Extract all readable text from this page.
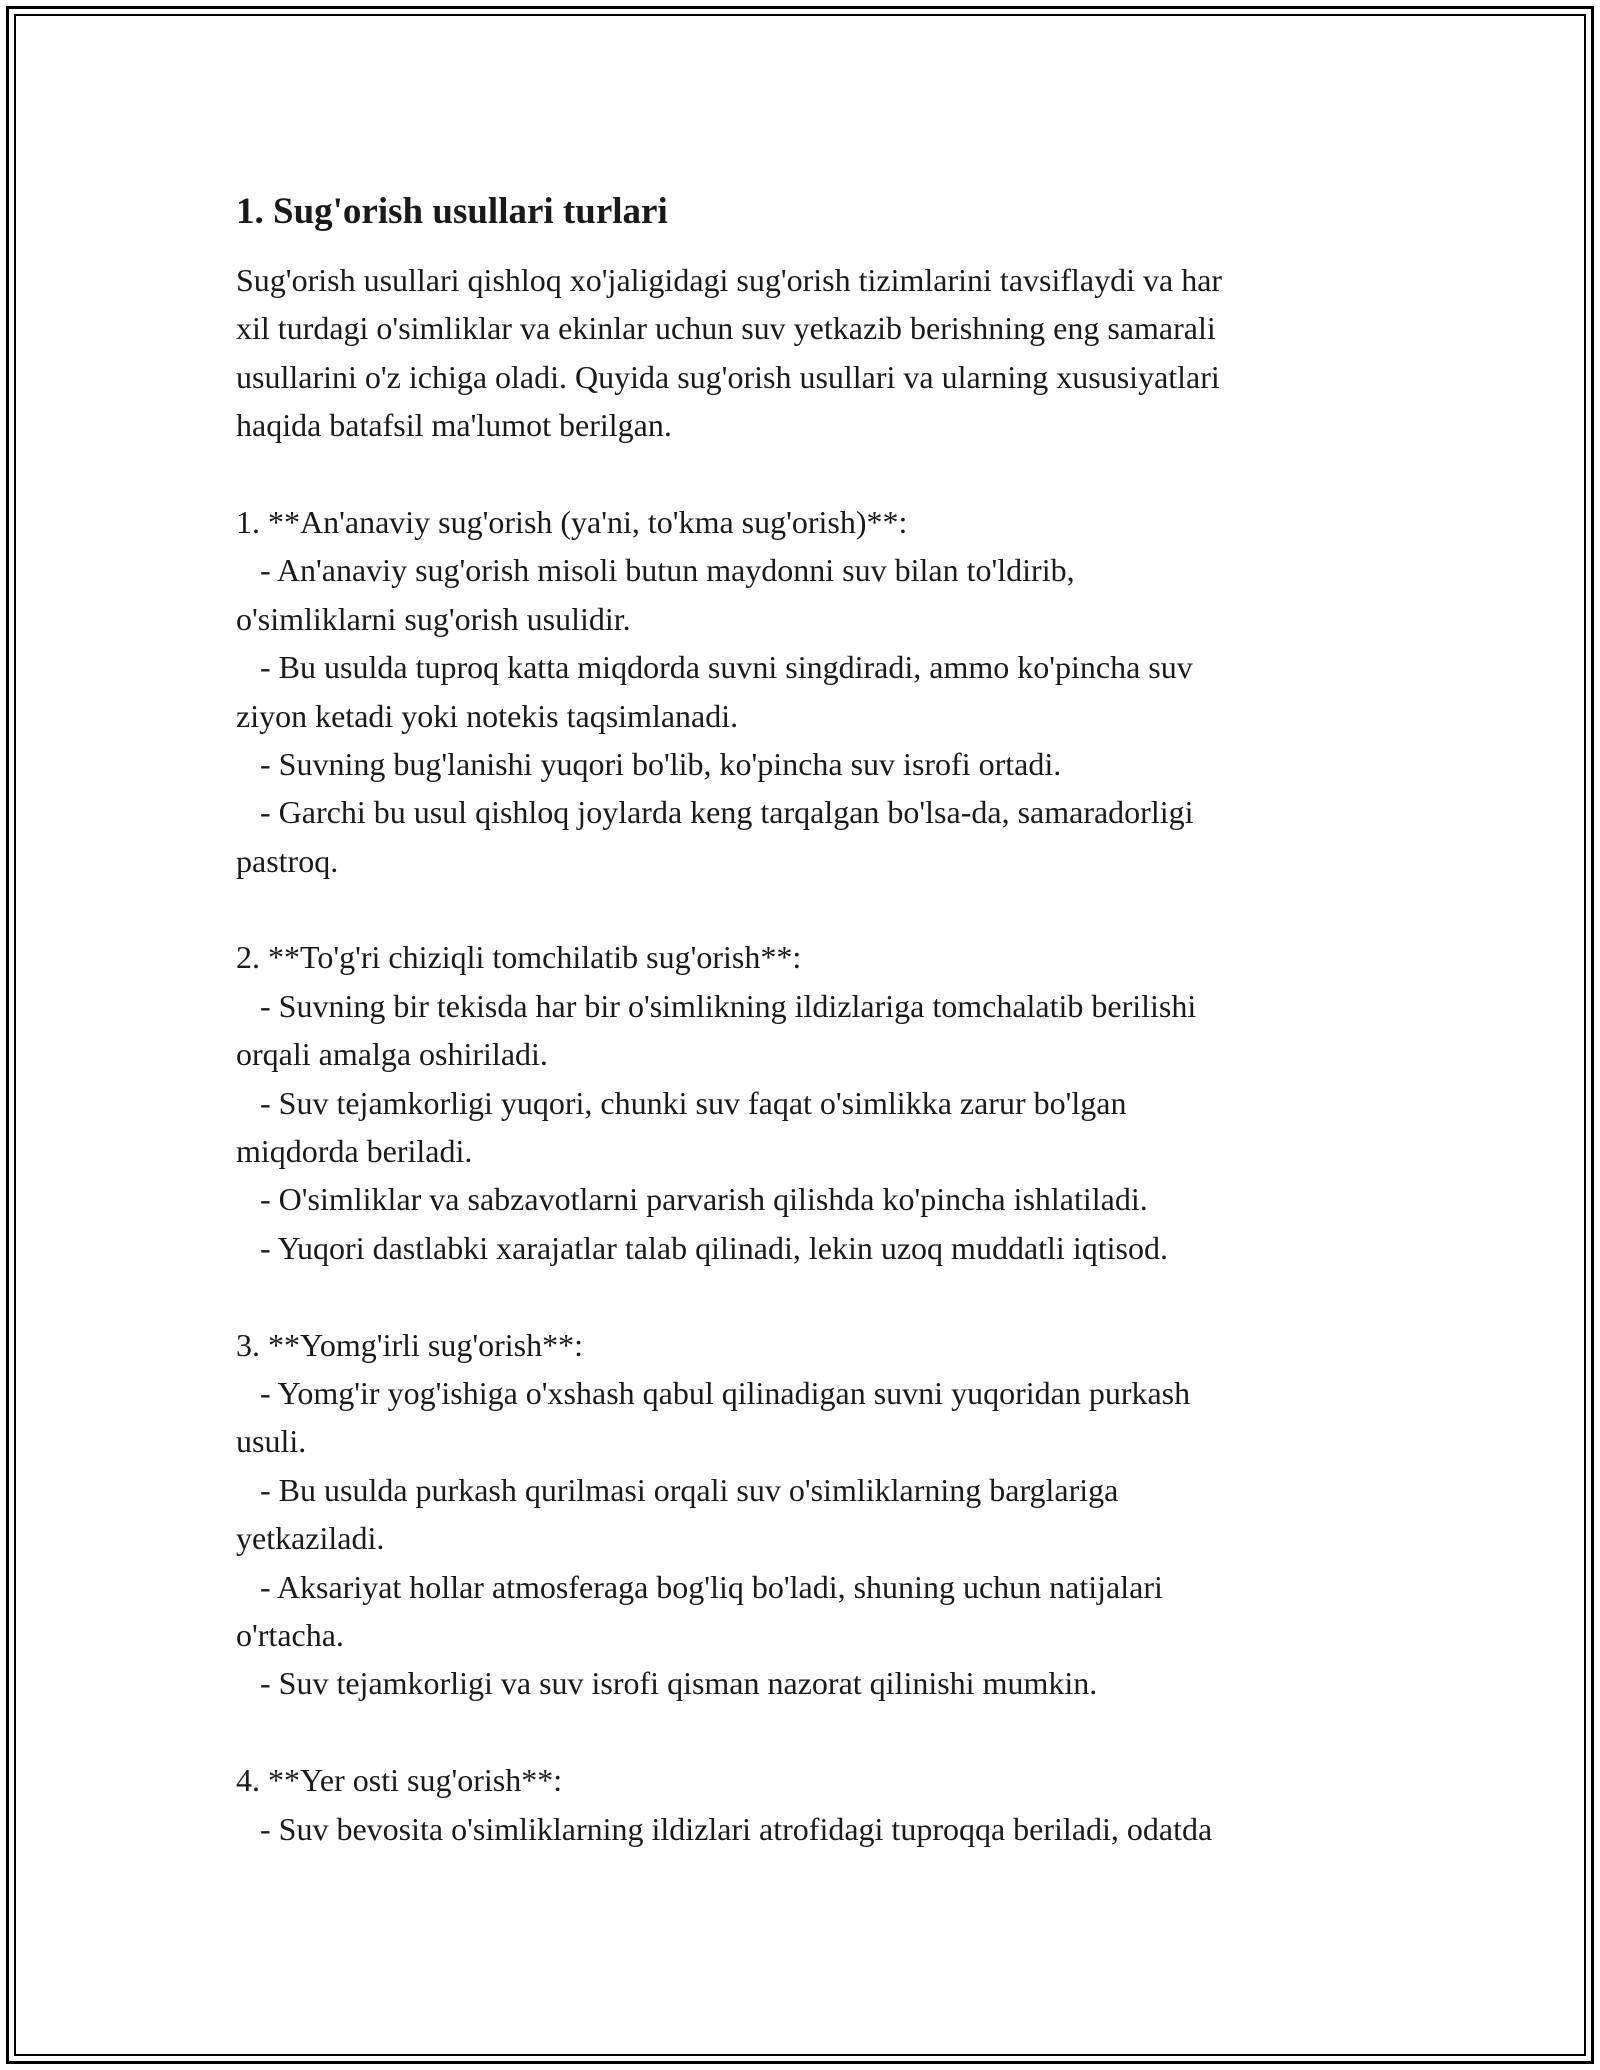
1. Sug'orish usullari turlari
Sug'orish usullari qishloq xo'jaligidagi sug'orish tizimlarini tavsiflaydi va har
xil turdagi o'simliklar va ekinlar uchun suv yetkazib berishning eng samarali
usullarini o'z ichiga oladi. Quyida sug'orish usullari va ularning xususiyatlari
haqida batafsil ma'lumot berilgan.
1. **An'anaviy sug'orish (ya'ni, to'kma sug'orish)**:
- An'anaviy sug'orish misoli butun maydonni suv bilan to'ldirib,
o'simliklarni sug'orish usulidir.
- Bu usulda tuproq katta miqdorda suvni singdiradi, ammo ko'pincha suv
ziyon ketadi yoki notekis taqsimlanadi.
- Suvning bug'lanishi yuqori bo'lib, ko'pincha suv isrofi ortadi.
- Garchi bu usul qishloq joylarda keng tarqalgan bo'lsa-da, samaradorligi
pastroq.
2. **To'g'ri chiziqli tomchilatib sug'orish**:
- Suvning bir tekisda har bir o'simlikning ildizlariga tomchalatib berilishi
orqali amalga oshiriladi.
- Suv tejamkorligi yuqori, chunki suv faqat o'simlikka zarur bo'lgan
miqdorda beriladi.
- O'simliklar va sabzavotlarni parvarish qilishda ko'pincha ishlatiladi.
- Yuqori dastlabki xarajatlar talab qilinadi, lekin uzoq muddatli iqtisod.
3. **Yomg'irli sug'orish**:
- Yomg'ir yog'ishiga o'xshash qabul qilinadigan suvni yuqoridan purkash
usuli.
- Bu usulda purkash qurilmasi orqali suv o'simliklarning barglariga
yetkaziladi.
- Aksariyat hollar atmosferaga bog'liq bo'ladi, shuning uchun natijalari
o'rtacha.
- Suv tejamkorligi va suv isrofi qisman nazorat qilinishi mumkin.
4. **Yer osti sug'orish**:
- Suv bevosita o'simliklarning ildizlari atrofidagi tuproqqa beriladi, odatda
